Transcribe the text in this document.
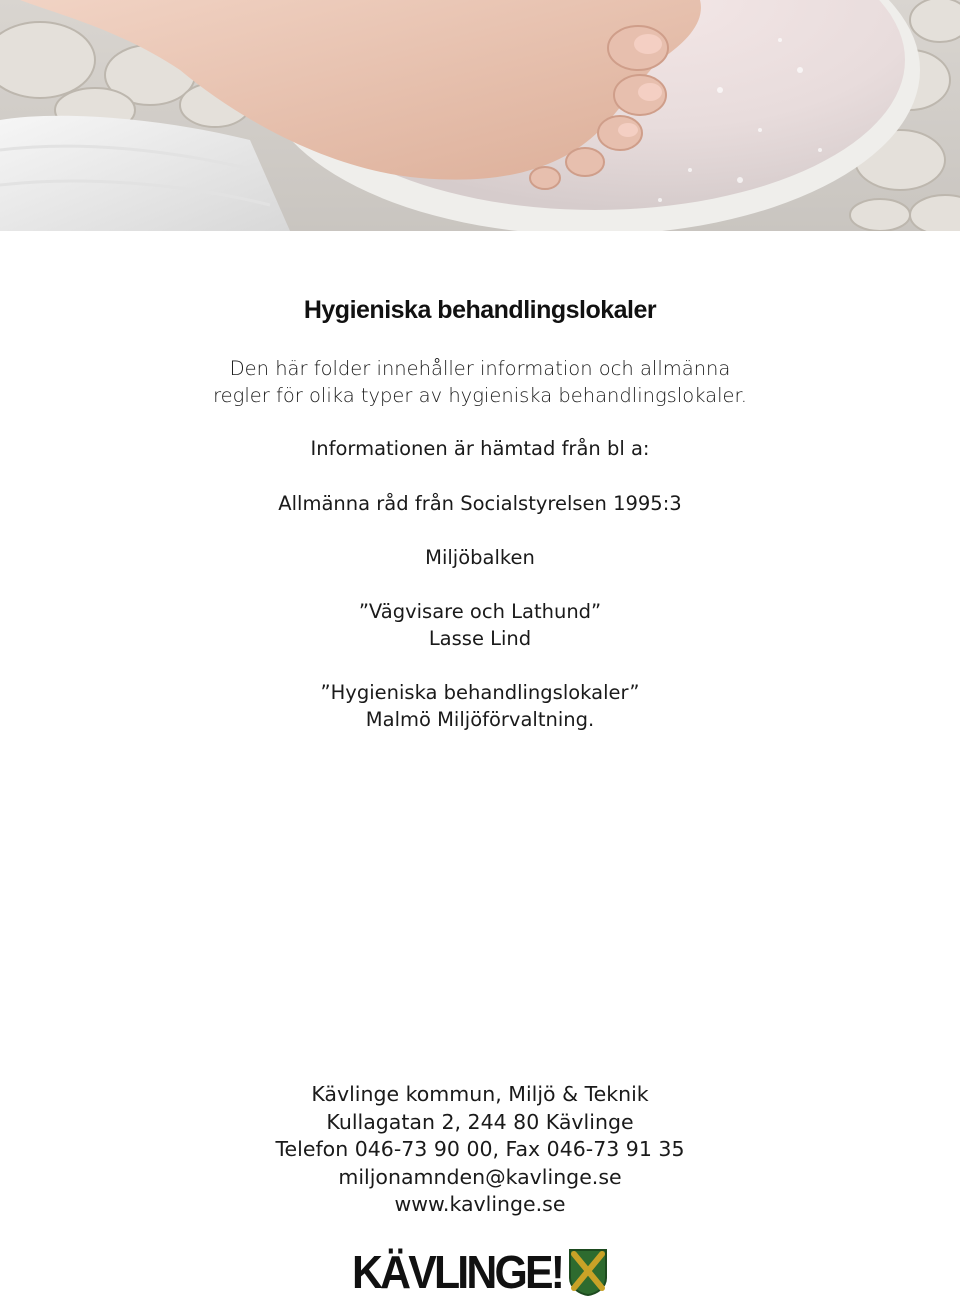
Hygieniska behandlingslokaler
Den här folder innehåller information och allmänna
regler för olika typer av hygieniska behandlingslokaler.
Informationen är hämtad från bl a:
Allmänna råd från Socialstyrelsen 1995:3
Miljöbalken
”Vägvisare och Lathund”
Lasse Lind
”Hygieniska behandlingslokaler”
Malmö Miljöförvaltning.
Kävlinge kommun, Miljö & Teknik
Kullagatan 2, 244 80 Kävlinge
Telefon 046-73 90 00, Fax 046-73 91 35
miljonamnden@kavlinge.se
www.kavlinge.se
KÄVLINGE!
